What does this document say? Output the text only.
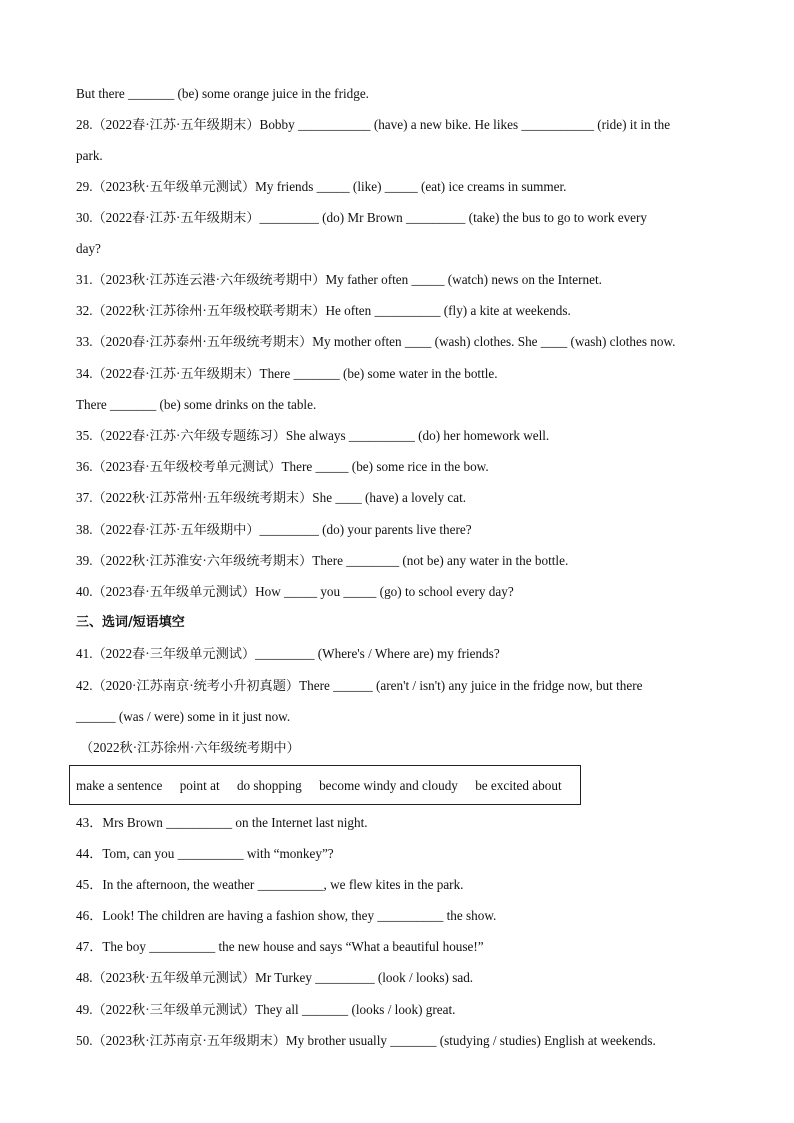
But there _______ (be) some orange juice in the fridge.
28.（2022春·江苏·五年级期末）Bobby ___________ (have) a new bike. He likes ___________ (ride) it in the
park.
29.（2023秋·五年级单元测试）My friends _____ (like) _____ (eat) ice creams in summer.
30.（2022春·江苏·五年级期末）_________ (do) Mr Brown _________ (take) the bus to go to work every
day?
31.（2023秋·江苏连云港·六年级统考期中）My father often _____ (watch) news on the Internet.
32.（2022秋·江苏徐州·五年级校联考期末）He often __________ (fly) a kite at weekends.
33.（2020春·江苏泰州·五年级统考期末）My mother often ____ (wash) clothes. She ____ (wash) clothes now.
34.（2022春·江苏·五年级期末）There _______ (be) some water in the bottle.
There _______ (be) some drinks on the table.
35.（2022春·江苏·六年级专题练习）She always __________ (do) her homework well.
36.（2023春·五年级校考单元测试）There _____ (be) some rice in the bow.
37.（2022秋·江苏常州·五年级统考期末）She ____ (have) a lovely cat.
38.（2022春·江苏·五年级期中）_________ (do) your parents live there?
39.（2022秋·江苏淮安·六年级统考期末）There ________ (not be) any water in the bottle.
40.（2023春·五年级单元测试）How _____ you _____ (go) to school every day?
三、选词/短语填空
41.（2022春·三年级单元测试）_________ (Where's / Where are) my friends?
42.（2020·江苏南京·统考小升初真题）There ______ (aren't / isn't) any juice in the fridge now, but there
______ (was / were) some in it just now.
（2022秋·江苏徐州·六年级统考期中）
make a sentence point at do shopping become windy and cloudy be excited about
43．Mrs Brown __________ on the Internet last night.
44．Tom, can you __________ with “monkey”?
45．In the afternoon, the weather __________, we flew kites in the park.
46．Look! The children are having a fashion show, they __________ the show.
47．The boy __________ the new house and says “What a beautiful house!”
48.（2023秋·五年级单元测试）Mr Turkey _________ (look / looks) sad.
49.（2022秋·三年级单元测试）They all _______ (looks / look) great.
50.（2023秋·江苏南京·五年级期末）My brother usually _______ (studying / studies) English at weekends.
